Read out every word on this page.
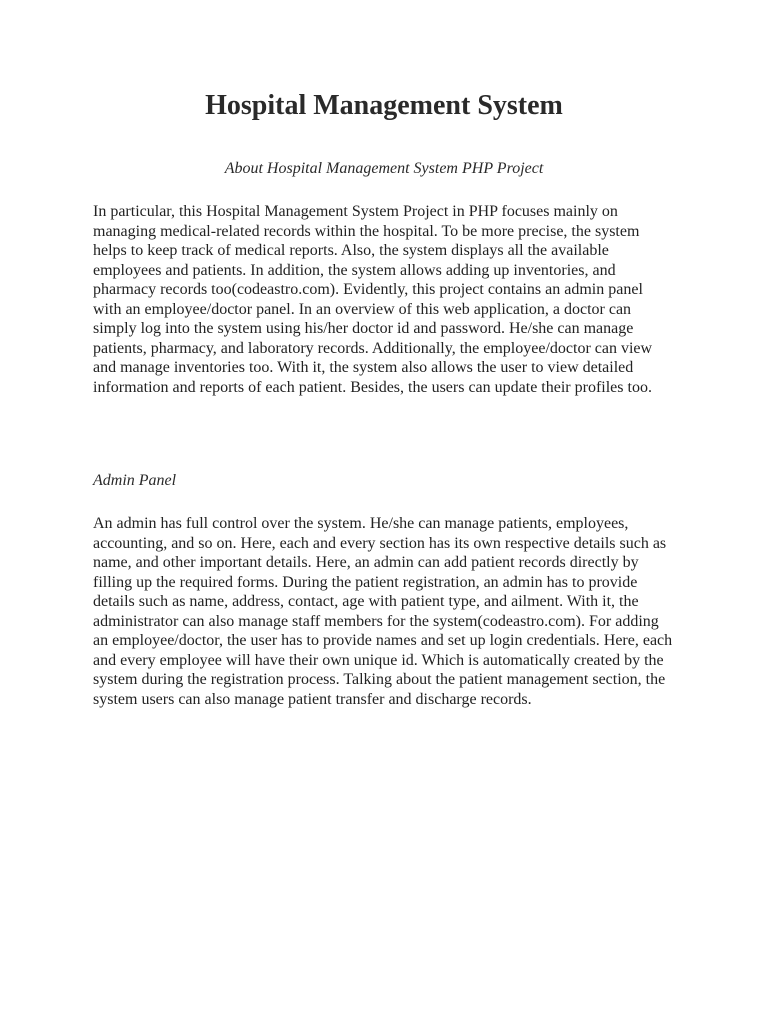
Hospital Management System

About Hospital Management System PHP Project

In particular, this Hospital Management System Project in PHP focuses mainly on managing medical-related records within the hospital. To be more precise, the system helps to keep track of medical reports. Also, the system displays all the available employees and patients. In addition, the system allows adding up inventories, and pharmacy records too(codeastro.com). Evidently, this project contains an admin panel with an employee/doctor panel. In an overview of this web application, a doctor can simply log into the system using his/her doctor id and password. He/she can manage patients, pharmacy, and laboratory records. Additionally, the employee/doctor can view and manage inventories too. With it, the system also allows the user to view detailed information and reports of each patient. Besides, the users can update their profiles too.

Admin Panel

An admin has full control over the system. He/she can manage patients, employees, accounting, and so on. Here, each and every section has its own respective details such as name, and other important details. Here, an admin can add patient records directly by filling up the required forms. During the patient registration, an admin has to provide details such as name, address, contact, age with patient type, and ailment. With it, the administrator can also manage staff members for the system(codeastro.com). For adding an employee/doctor, the user has to provide names and set up login credentials. Here, each and every employee will have their own unique id. Which is automatically created by the system during the registration process. Talking about the patient management section, the system users can also manage patient transfer and discharge records.
